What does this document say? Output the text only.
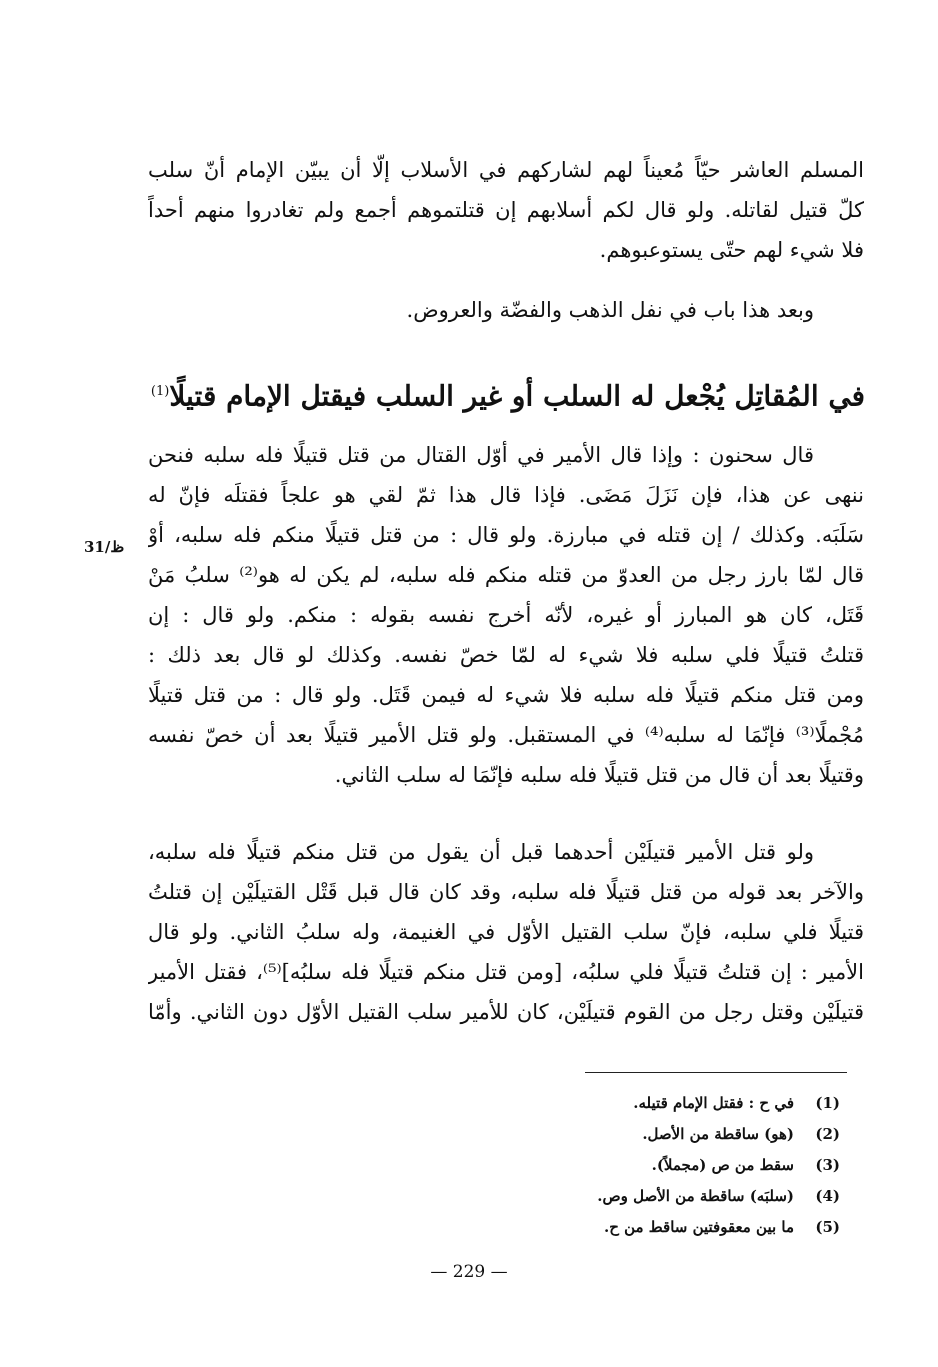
المسلم العاشر حيّاً مُعيناً لهم لشاركهم في الأسلاب إلّا أن يبيّن الإمام أنّ سلب
كلّ قتيل لقاتله. ولو قال لكم أسلابهم إن قتلتموهم أجمع ولم تغادروا منهم أحداً
فلا شيء لهم حتّى يستوعبوهم.
وبعد هذا باب في نفل الذهب والفضّة والعروض.
في المُقاتِل يُجْعل له السلب أو غير السلب فيقتل الإمام قتيلًا$^{(1)}$
31/ظ
قال سحنون : وإذا قال الأمير في أوّل القتال من قتل قتيلًا فله سلبه فنحن
ننهى عن هذا، فإن نَزَلَ مَضَى. فإذا قال هذا ثمّ لقي هو علجاً فقتلَه فإنّ له
سَلَبَه. وكذلك / إن قتله في مبارزة. ولو قال : من قتل قتيلًا منكم فله سلبه، أوْ
قال لمّا بارز رجل من العدوّ من قتله منكم فله سلبه، لم يكن له هو⁽²⁾ سلبُ مَنْ
قَتَل، كان هو المبارز أو غيره، لأنّه أخرج نفسه بقوله : منكم. ولو قال : إن
قتلتُ قتيلًا فلي سلبه فلا شيء له لمّا خصّ نفسه. وكذلك لو قال بعد ذلك :
ومن قتل منكم قتيلًا فله سلبه فلا شيء له فيمن قَتَل. ولو قال : من قتل قتيلًا
مُجْملًا⁽³⁾ فإنّمَا له سلبه⁽⁴⁾ في المستقبل. ولو قتل الأمير قتيلًا بعد أن خصّ نفسه
وقتيلًا بعد أن قال من قتل قتيلًا فله سلبه فإنّمَا له سلب الثاني.
ولو قتل الأمير قتيلَيْن أحدهما قبل أن يقول من قتل منكم قتيلًا فله سلبه،
والآخر بعد قوله من قتل قتيلًا فله سلبه، وقد كان قال قبل قَتْل القتيلَيْن إن قتلتُ
قتيلًا فلي سلبه، فإنّ سلب القتيل الأوّل في الغنيمة، وله سلبُ الثاني. ولو قال
الأمير : إن قتلتُ قتيلًا فلي سلبُه، [ومن قتل منكم قتيلًا فله سلبُه]⁽⁵⁾، فقتل الأمير
قتيلَيْن وقتل رجل من القوم قتيلَيْن، كان للأمير سلب القتيل الأوّل دون الثاني. وأمّا
(1)في ح : فقتل الإمام قتيله.
(2)(هو) ساقطة من الأصل.
(3)سقط من ص (مجملاً).
(4)(سلبَه) ساقطة من الأصل وص.
(5)ما بين معقوفتين ساقط من ح.
— 229 —
